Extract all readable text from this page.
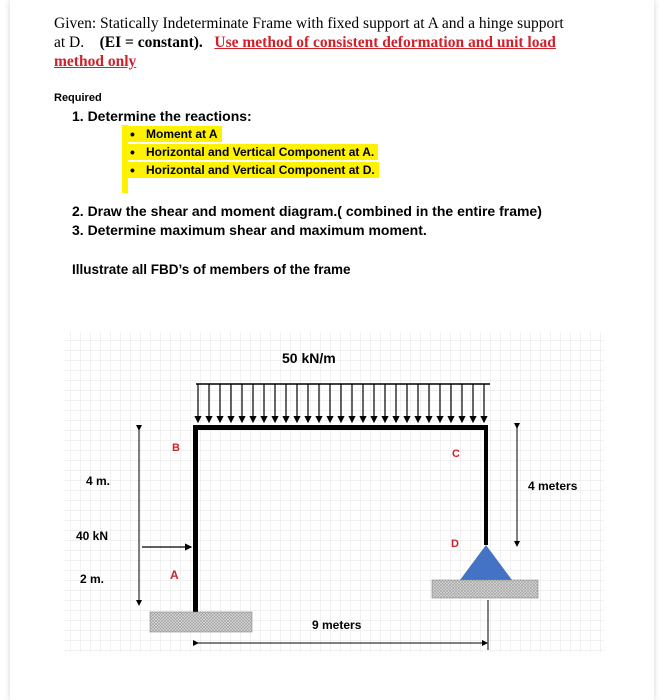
Given: Statically Indeterminate Frame with fixed support at A and a hinge support
at D. (EI = constant). Use method of consistent deformation and unit load
method only
Required
1. Determine the reactions:
• Moment at A
• Horizontal and Vertical Component at A.
• Horizontal and Vertical Component at D.
2. Draw the shear and moment diagram.( combined in the entire frame)
3. Determine maximum shear and maximum moment.
Illustrate all FBD’s of members of the frame
B	C
D
A
50 kN/m
4 m.
40 kN
2 m.
4 meters
9 meters
